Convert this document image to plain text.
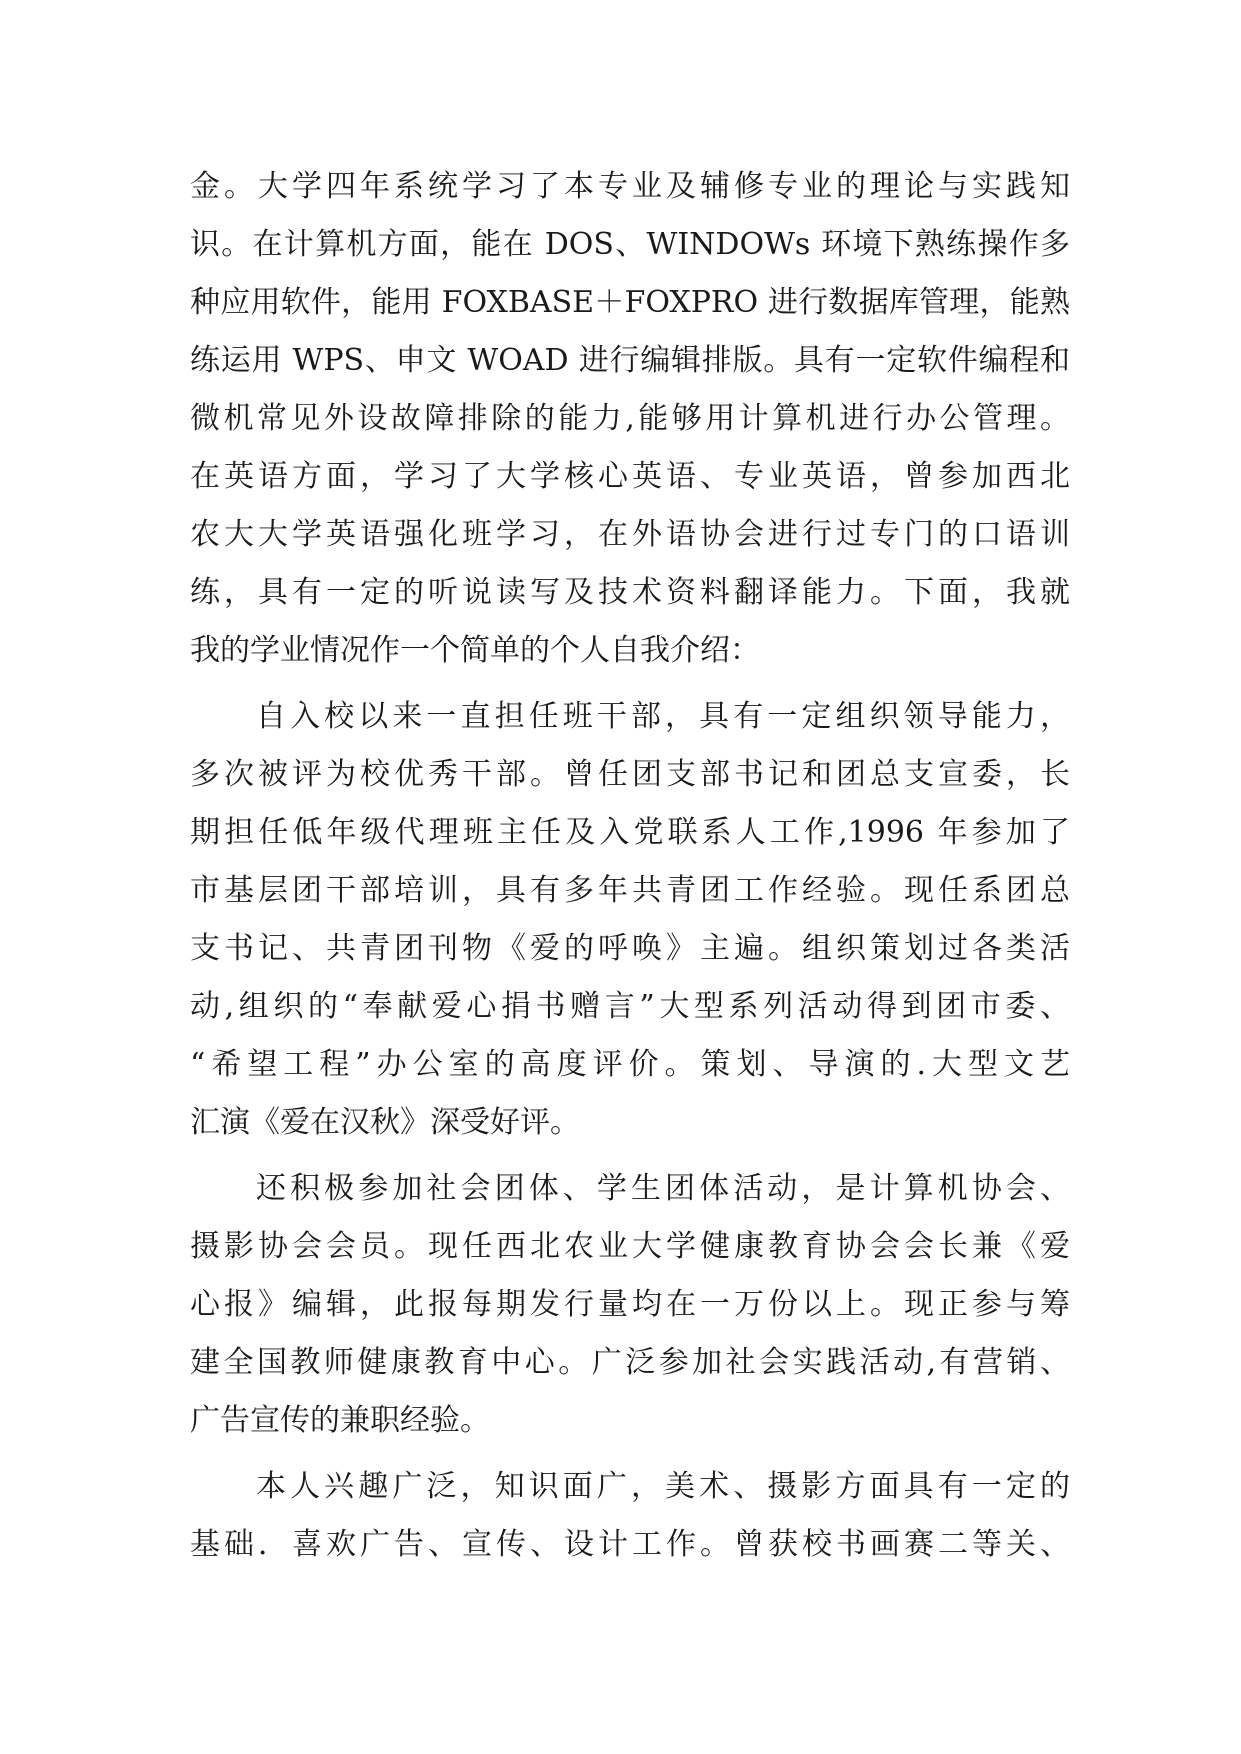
金。大学四年系统学习了本专业及辅修专业的理论与实践知
识。在计算机方面，能在 DOS、WINDOWs 环境下熟练操作多
种应用软件，能用 FOXBASE＋FOXPRO 进行数据库管理，能熟
练运用 WPS、申文 WOAD 进行编辑排版。具有一定软件编程和
微机常见外设故障排除的能力,能够用计算机进行办公管理。
在英语方面，学习了大学核心英语、专业英语，曾参加西北
农大大学英语强化班学习，在外语协会进行过专门的口语训
练，具有一定的听说读写及技术资料翻译能力。下面，我就
我的学业情况作一个简单的个人自我介绍：
自入校以来一直担任班干部，具有一定组织领导能力，
多次被评为校优秀干部。曾任团支部书记和团总支宣委，长
期担任低年级代理班主任及入党联系人工作,1996 年参加了
市基层团干部培训，具有多年共青团工作经验。现任系团总
支书记、共青团刊物《爱的呼唤》主遍。组织策划过各类活
动,组织的“奉献爱心捐书赠言”大型系列活动得到团市委、
“希望工程”办公室的高度评价。策划、导演的.大型文艺
汇演《爱在汉秋》深受好评。
还积极参加社会团体、学生团体活动，是计算机协会、
摄影协会会员。现任西北农业大学健康教育协会会长兼《爱
心报》编辑，此报每期发行量均在一万份以上。现正参与筹
建全国教师健康教育中心。广泛参加社会实践活动,有营销、
广告宣传的兼职经验。
本人兴趣广泛，知识面广，美术、摄影方面具有一定的
基础．喜欢广告、宣传、设计工作。曾获校书画赛二等关、
